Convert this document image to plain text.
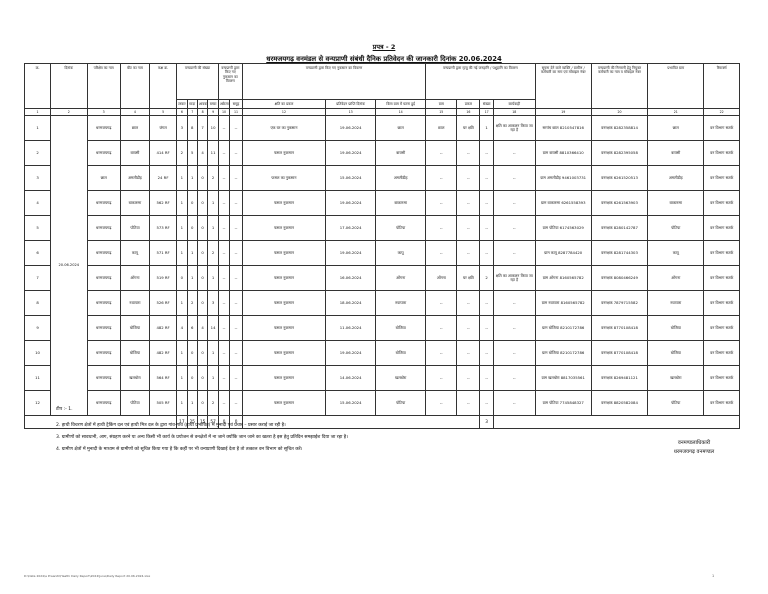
प्रपत्र - 2
धरमजयगढ़ वनमंडल से वन्यप्राणी संबंधी दैनिक प्रतिवेदन की जानकारी दिनांक 20.06.2024
क्र.	दिनांक	परिक्षेत्र का नाम	बीट का नाम	कक्ष क्र.	वन्यप्राणी की संख्या				वन्यप्राणी द्वारा किए गए नुकसान का विवरण		वन्यप्राणी द्वारा किए गए नुकसान का विवरण			वन्यप्राणी द्वारा मृत्यु की गई जनहानि / पशुहानि का विवरण				सूचना देने वाले व्यक्ति / ग्रामीण / कर्मचारी का नाम एवं मोबाइल नंबर	वन्यप्राणी की निगरानी हेतु नियुक्त कर्मचारी का नाम व मोबाइल नंबर	प्रभावित ग्राम	रिमार्क्स
					टस्कर	मादा	शावक	बच्चा	अकेला	समूह	क्षति का प्रकार	प्रतिवेदन प्राप्ति दिनांक	किस ग्राम में घटना हुई	ग्राम	प्रकार	संख्या	कार्यवाही				
1	2	3	4	5	6	7	8	9	10	11	12	13	14	15	16	17	18	19	20	21	22
1	20.06.2024	धरमजयगढ़	छाल	जंगल	3	8	7	10	--	--	एक घर का नुकसान	19.06.2024	छाल	छाल	घर क्षति	1	क्षति का आकलन किया जा रहा है	सरपंच छाल 8210547816	वनरक्षक 8282358814	छाल	वन विभाग सतर्क
2		धरमजयगढ़	बायसी	414 RF	2	5	4	11	--	--	फसल नुकसान	19.06.2024	बायसी	--	--	--	--	ग्राम बायसी 8810366410	वनरक्षक 8282395058	बायसी	वन विभाग सतर्क
3		छाल	अमलीडीह	24 RF	1	1	0	2	--	--	फसल का नुकसान	15.06.2024	अमलीडीह	--	--	--	--	ग्राम अमलीडीह 9461003731	वनरक्षक 6261520513	अमलीडीह	वन विभाग सतर्क
4		धरमजयगढ़	बाकारुमा	562 RF	1	0	0	1	--	--	फसल नुकसान	19.06.2024	बाकारुमा	--	--	--	--	ग्राम बाकारुमा 6261558393	वनरक्षक 6261563903	बाकारुमा	वन विभाग सतर्क
5		धरमजयगढ़	पोटिया	573 RF	1	0	0	1	--	--	फसल नुकसान	17.06.2024	पोटिया	--	--	--	--	ग्राम पोटिया 6174563029	वनरक्षक 8280142787	पोटिया	वन विभाग सतर्क
6		धरमजयगढ़	कापू	571 RF	1	1	0	2	--	--	फसल नुकसान	19.06.2024	कापू	--	--	--	--	ग्राम कापू 8287784420	वनरक्षक 8281744303	कापू	वन विभाग सतर्क
7		धरमजयगढ़	ओंगना	519 RF	0	1	0	1	--	--	फसल नुकसान	16.06.2024	ओंगना	ओंगना	घर क्षति	2	क्षति का आकलन किया जा रहा है	ग्राम ओंगना 8160565782	वनरक्षक 8080466249	ओंगना	वन विभाग सतर्क
8		धरमजयगढ़	रुवापारा	526 RF	1	2	0	3	--	--	फसल नुकसान	18.06.2024	रुवापारा	--	--	--	--	ग्राम रुवापारा 8160565782	वनरक्षक 7879715582	रुवापारा	वन विभाग सतर्क
9		धरमजयगढ़	बोजिया	482 RF	4	6	4	14	--	--	फसल नुकसान	11.06.2024	बोजिया	--	--	--	--	ग्राम बोजिया 8210172786	वनरक्षक 8770108418	बोजिया	वन विभाग सतर्क
10		धरमजयगढ़	बोजिया	482 RF	1	0	0	1	--	--	फसल नुकसान	19.06.2024	बोजिया	--	--	--	--	ग्राम बोजिया 8210172786	वनरक्षक 8770108418	बोजिया	वन विभाग सतर्क
11		धरमजयगढ़	खलबोरा	564 RF	1	0	0	1	--	--	फसल नुकसान	14.06.2024	खलबोरा	--	--	--	--	ग्राम खलबोरा 8817035561	वनरक्षक 8269481121	खलबोरा	वन विभाग सतर्क
12		धरमजयगढ़	पोटिया	505 RF	1	1	0	2	--	--	फसल नुकसान	15.06.2024	पोटिया	--	--	--	--	ग्राम पोटिया 7745848327	वनरक्षक 8820582084	पोटिया	वन विभाग सतर्क
					17	25	15	57	0	0						3					
टीप :- 1.
2. हाथी विचरण क्षेत्रों में हाथी ट्रैकिंग दल एवं हाथी मित्र दल के द्वारा गांव-गांव (हाथी प्रभावित) में मुनादी एवं प्रचार – प्रसार कराई जा रही है।
3. ग्रामीणों को सावधानी, आग, संग्रहण करने या अन्य किसी भी कार्य के प्रयोजन से वनक्षेत्रों में ना जाने क्योंकि जान जाने का खतरा है इस हेतु प्रतिदिन समझाईश दिया जा रहा है।
4. ग्रामीण क्षेत्रों में मुनादी के माध्यम से ग्रामीणों को सूचित किया गया है कि कहीं पर भी वन्यप्राणी दिखाई देता है तो तत्काल वन विभाग को सूचित करें।
वनमण्डलाधिकारी
धरमजयगढ़ वनमण्डल
D:\Data 2024\e Praaniti\Haathi Daily Report\2024\June\Daily Report 20.06.2024.xlsx	1
